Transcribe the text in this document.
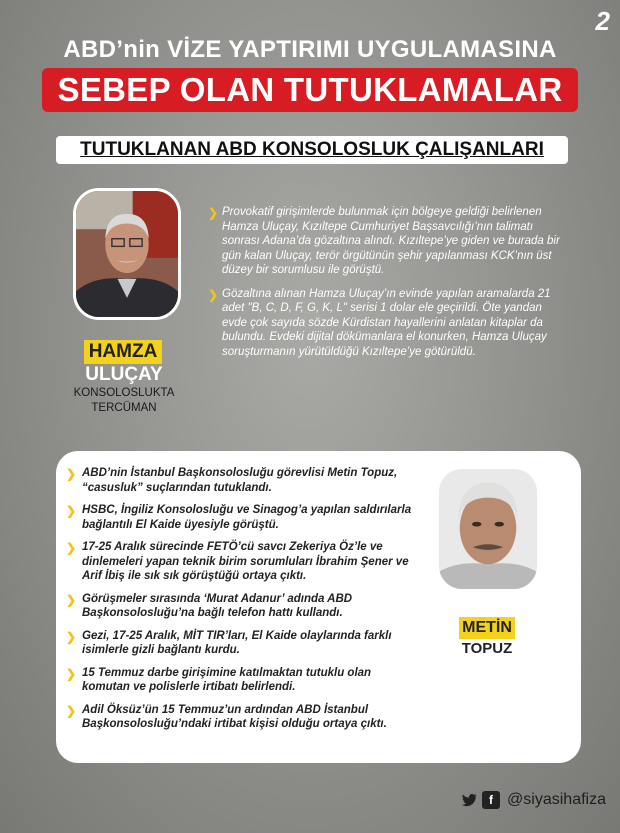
2
ABD’nin VİZE YAPTIRIMI UYGULAMASINA
SEBEP OLAN TUTUKLAMALAR
TUTUKLANAN ABD KONSOLOSLUK ÇALIŞANLARI
HAMZA
ULUÇAY
KONSOLOSLUKTA
TERCÜMAN
❯ Provokatif girişimlerde bulunmak için bölgeye geldiği belirlenen Hamza Uluçay, Kızıltepe Cumhuriyet Başsavcılığı’nın talimatı sonrası Adana’da gözaltına alındı. Kızıltepe’ye giden ve burada bir gün kalan Uluçay, terör örgütünün şehir yapılanması KCK’nın üst düzey bir sorumlusu ile görüştü.
❯ Gözaltına alınan Hamza Uluçay’ın evinde yapılan aramalarda 21 adet "B, C, D, F, G, K, L" serisi 1 dolar ele geçirildi. Öte yandan evde çok sayıda sözde Kürdistan hayallerini anlatan kitaplar da bulundu. Evdeki dijital dökümanlara el konurken, Hamza Uluçay soruşturmanın yürütüldüğü Kızıltepe’ye götürüldü.
❯ ABD’nin İstanbul Başkonsolosluğu görevlisi Metin Topuz, “casusluk” suçlarından tutuklandı.
❯ HSBC, İngiliz Konsolosluğu ve Sinagog’a yapılan saldırılarla bağlantılı El Kaide üyesiyle görüştü.
❯ 17-25 Aralık sürecinde FETÖ’cü savcı Zekeriya Öz’le ve dinlemeleri yapan teknik birim sorumluları İbrahim Şener ve Arif İbiş ile sık sık görüştüğü ortaya çıktı.
❯ Görüşmeler sırasında ‘Murat Adanur’ adında ABD Başkonsolosluğu’na bağlı telefon hattı kullandı.
❯ Gezi, 17-25 Aralık, MİT TIR’ları, El Kaide olaylarında farklı isimlerle gizli bağlantı kurdu.
❯ 15 Temmuz darbe girişimine katılmaktan tutuklu olan komutan ve polislerle irtibatı belirlendi.
❯ Adil Öksüz’ün 15 Temmuz’un ardından ABD İstanbul Başkonsolosluğu’ndaki irtibat kişisi olduğu ortaya çıktı.
METİN
TOPUZ
f @siyasihafiza
